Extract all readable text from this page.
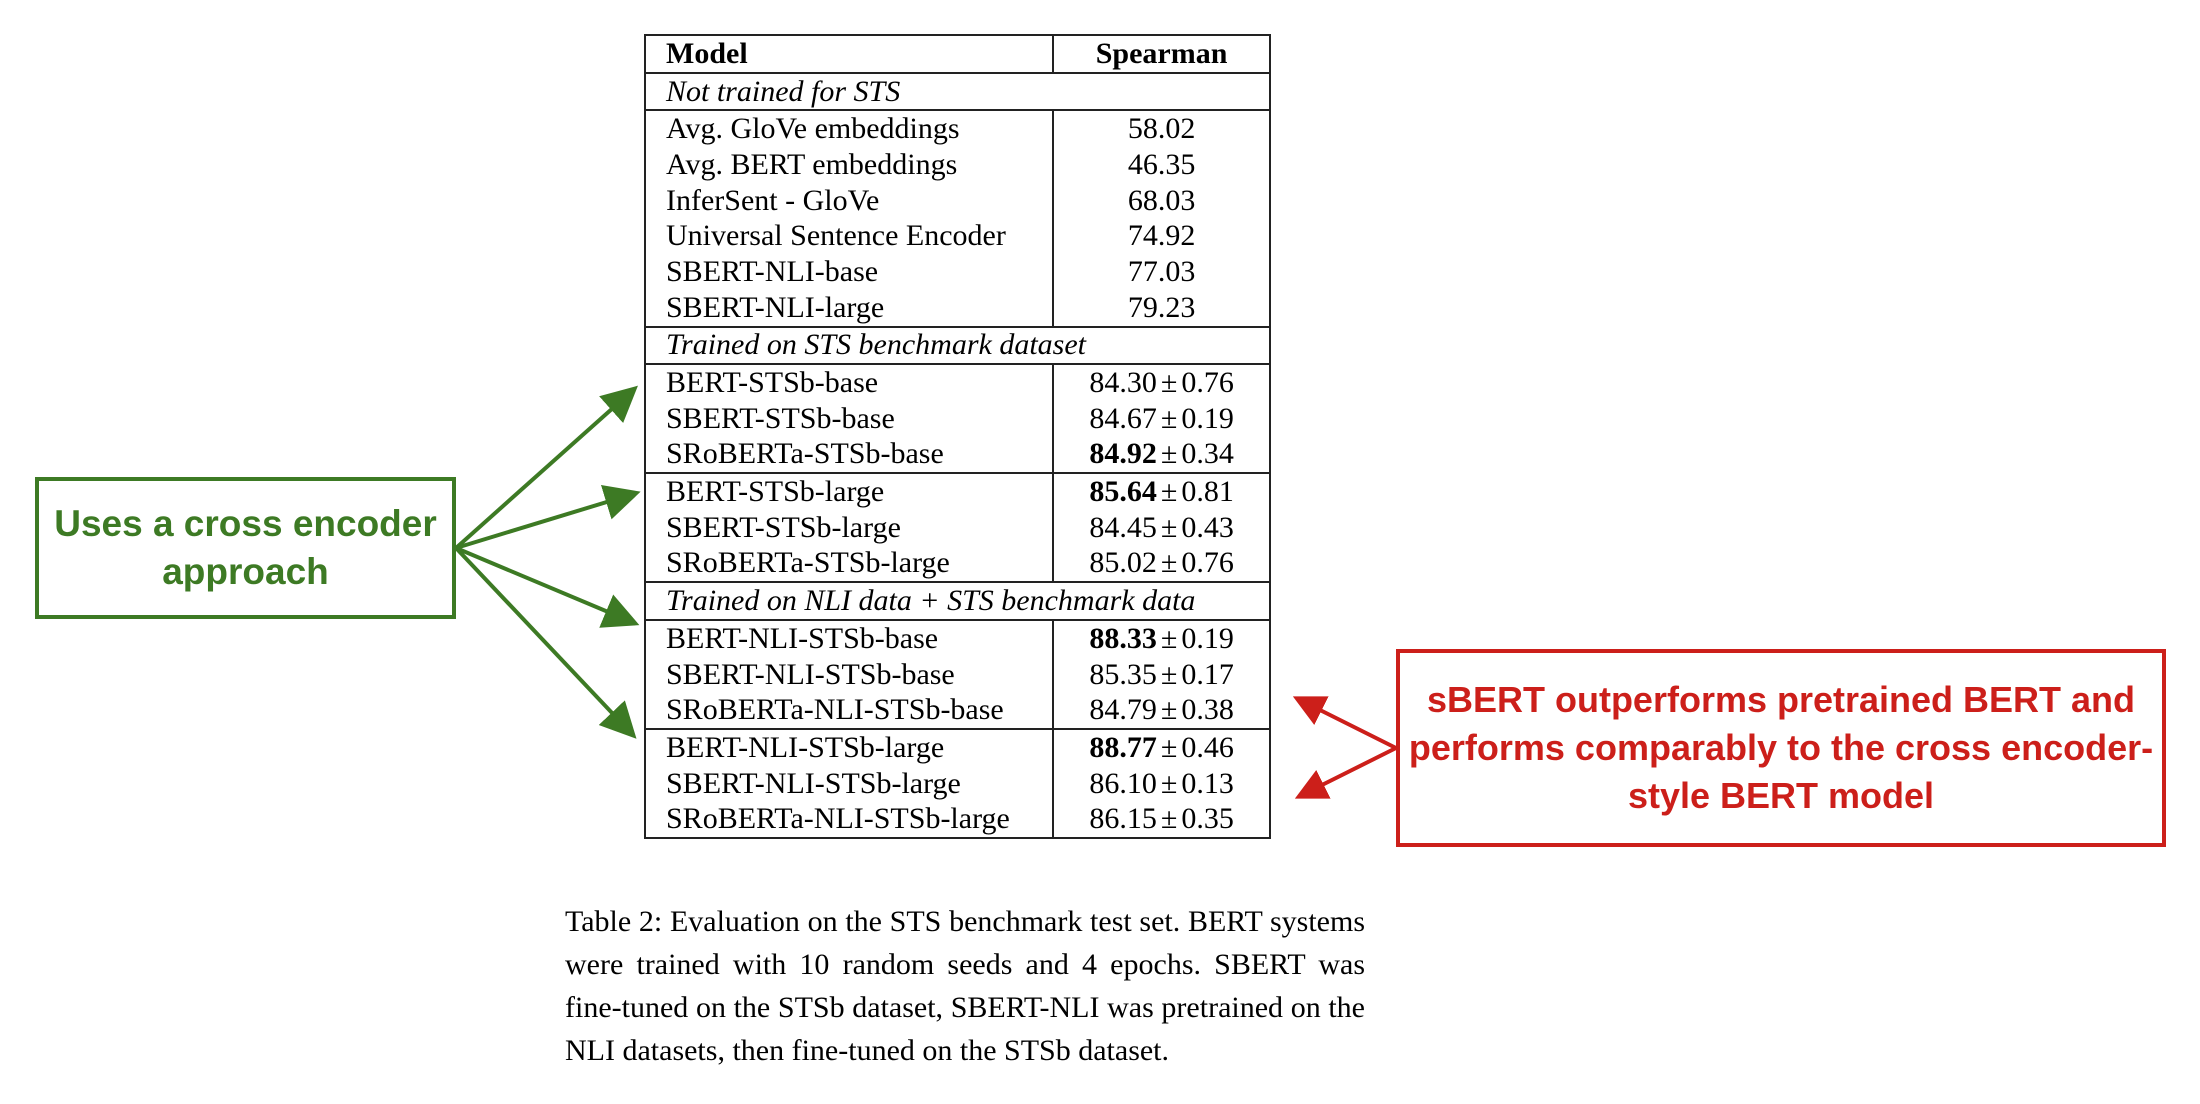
Model	Spearman
Not trained for STS	
Avg. GloVe embeddings	58.02
Avg. BERT embeddings	46.35
InferSent - GloVe	68.03
Universal Sentence Encoder	74.92
SBERT-NLI-base	77.03
SBERT-NLI-large	79.23
Trained on STS benchmark dataset	
BERT-STSb-base	84.30 ± 0.76
SBERT-STSb-base	84.67 ± 0.19
SRoBERTa-STSb-base	84.92 ± 0.34
BERT-STSb-large	85.64 ± 0.81
SBERT-STSb-large	84.45 ± 0.43
SRoBERTa-STSb-large	85.02 ± 0.76
Trained on NLI data + STS benchmark data	
BERT-NLI-STSb-base	88.33 ± 0.19
SBERT-NLI-STSb-base	85.35 ± 0.17
SRoBERTa-NLI-STSb-base	84.79 ± 0.38
BERT-NLI-STSb-large	88.77 ± 0.46
SBERT-NLI-STSb-large	86.10 ± 0.13
SRoBERTa-NLI-STSb-large	86.15 ± 0.35

Table 2: Evaluation on the STS benchmark test set. BERT systems were trained with 10 random seeds and 4 epochs. SBERT was fine-tuned on the STSb dataset, SBERT-NLI was pretrained on the NLI datasets, then fine-tuned on the STSb dataset.

Uses a cross encoder approach
sBERT outperforms pretrained BERT and performs comparably to the cross encoder-style BERT model
